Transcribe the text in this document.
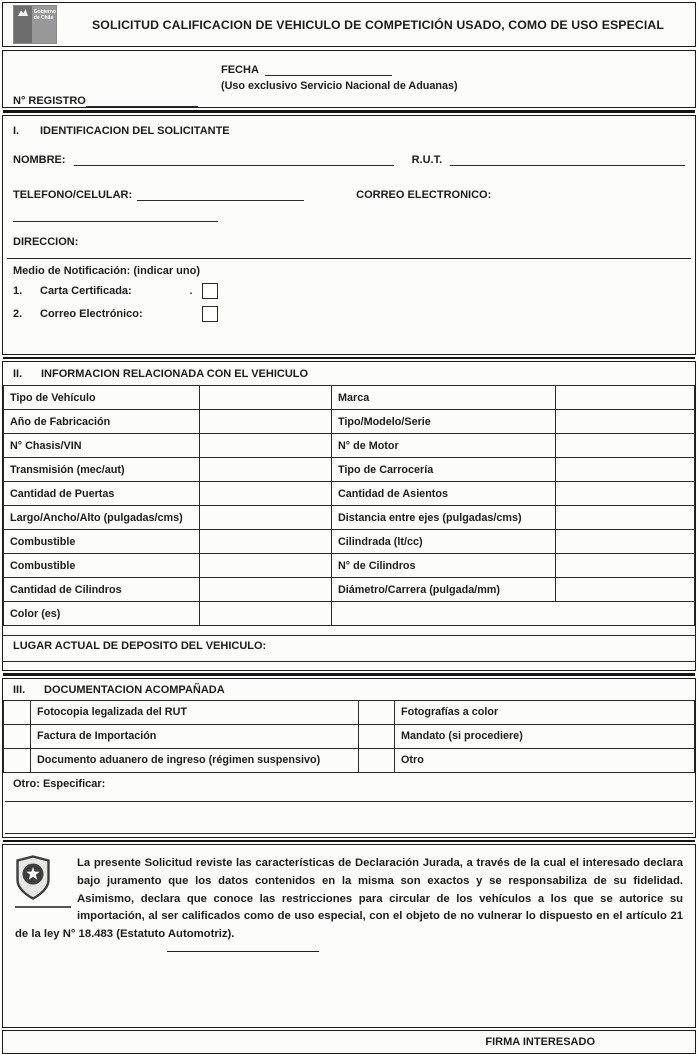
Gobierno de Chile	SOLICITUD CALIFICACION DE VEHICULO DE COMPETICIÓN USADO, COMO DE USO ESPECIAL
N° REGISTRO
FECHA
(Uso exclusivo Servicio Nacional de Aduanas)
I.	IDENTIFICACION DEL SOLICITANTE
NOMBRE:	R.U.T.
TELEFONO/CELULAR:	CORREO ELECTRONICO:
DIRECCION:
Medio de Notificación: (indicar uno)
1.	Carta Certificada:	.
2.	Correo Electrónico:
II.	INFORMACION RELACIONADA CON EL VEHICULO
Tipo de Vehículo		Marca	
Año de Fabricación		Tipo/Modelo/Serie	
N° Chasis/VIN		N° de Motor	
Transmisión (mec/aut)		Tipo de Carrocería	
Cantidad de Puertas		Cantidad de Asientos	
Largo/Ancho/Alto (pulgadas/cms)		Distancia entre ejes (pulgadas/cms)	
Combustible		Cilindrada (lt/cc)	
Combustible		N° de Cilindros	
Cantidad de Cilindros		Diámetro/Carrera (pulgada/mm)	
Color (es)			
LUGAR ACTUAL DE DEPOSITO DEL VEHICULO:
III.	DOCUMENTACION ACOMPAÑADA
	Fotocopia legalizada del RUT		Fotografías a color
	Factura de Importación		Mandato (si procediere)
	Documento aduanero de ingreso (régimen suspensivo)		Otro
Otro: Especificar:
La presente Solicitud reviste las características de Declaración Jurada, a través de la cual el interesado declara bajo juramento que los datos contenidos en la misma son exactos y se responsabiliza de su fidelidad. Asimismo, declara que conoce las restricciones para circular de los vehículos a los que se autorice su importación, al ser calificados como de uso especial, con el objeto de no vulnerar lo dispuesto en el artículo 21 de la ley N° 18.483 (Estatuto Automotriz).
FIRMA INTERESADO
